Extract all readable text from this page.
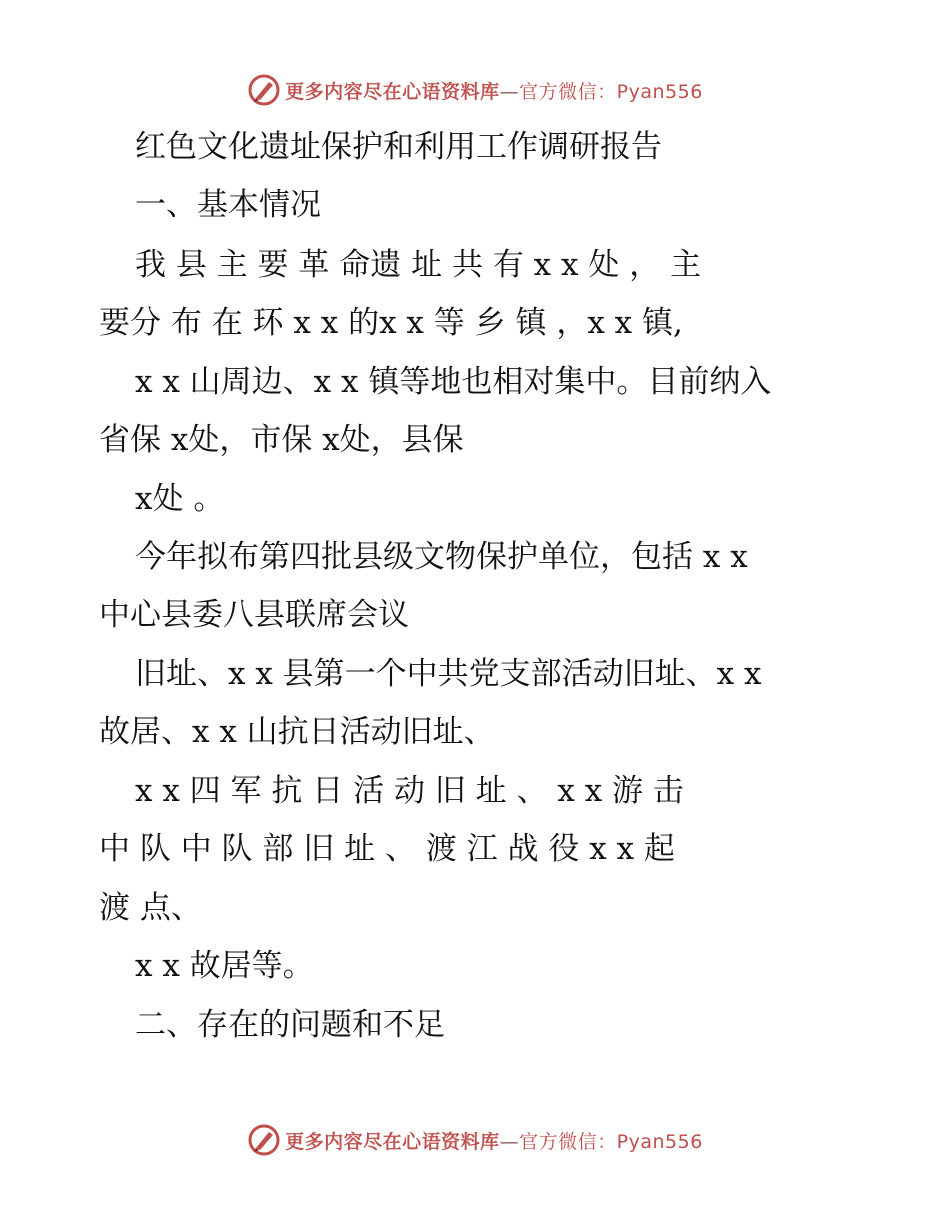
更多内容尽在心语资料库—官方微信：Pyan556
红色文化遗址保护和利用工作调研报告
一、基本情况
我 县 主 要 革 命遗 址 共 有 x x 处 ， 主
要分 布 在 环 x x 的x x 等 乡 镇 ，x x 镇,
x x 山周边、x x 镇等地也相对集中。目前纳入
省保 x处，市保 x处，县保
x处 。
今年拟布第四批县级文物保护单位，包括 x x
中心县委八县联席会议
旧址、x x 县第一个中共党支部活动旧址、x x
故居、x x 山抗日活动旧址、
x x 四 军 抗 日 活 动 旧 址 、 x x 游 击
中 队 中 队 部 旧 址 、 渡 江 战 役 x x 起
渡 点、
x x 故居等。
二、存在的问题和不足
更多内容尽在心语资料库—官方微信：Pyan556
